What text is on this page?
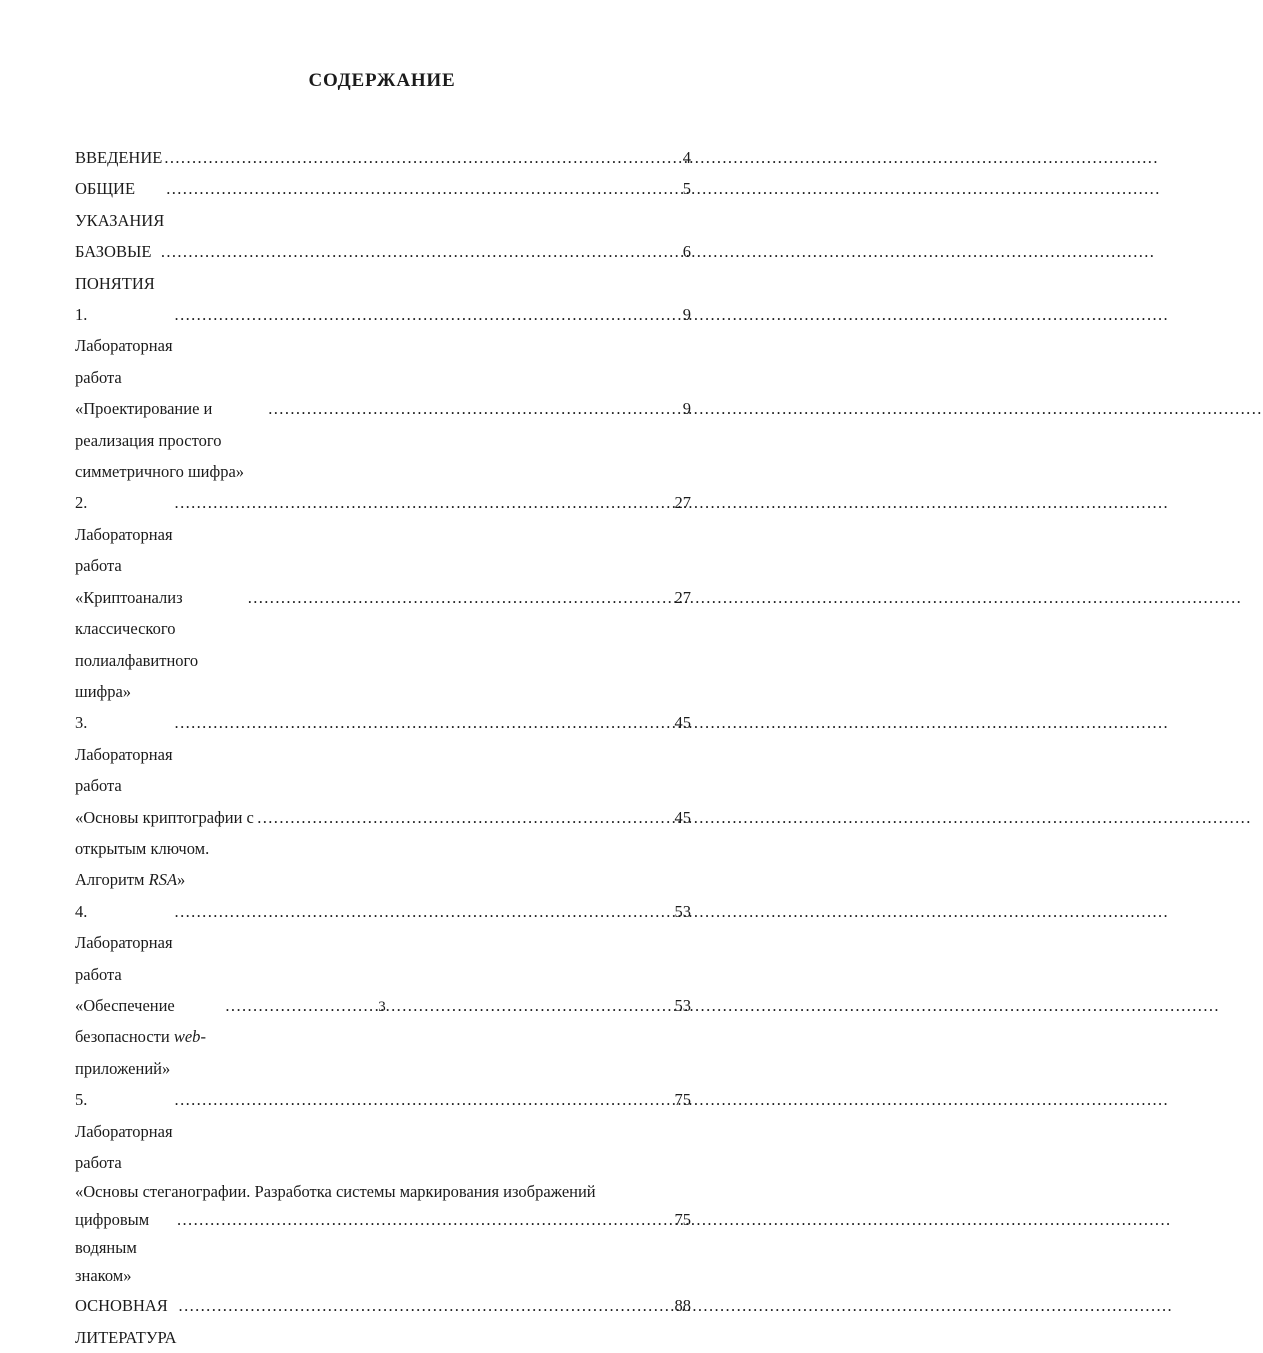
СОДЕРЖАНИЕ
ВВЕДЕНИЕ .....	4
ОБЩИЕ УКАЗАНИЯ
.....
5
БАЗОВЫЕ ПОНЯТИЯ
.....
6
1. Лабораторная работа
.....
9
«Проектирование и реализация простого симметричного шифра»
.....
9
2.    Лабораторная работа
.....
27
«Криптоанализ классического полиалфавитного шифра»
.....
27
3.    Лабораторная работа
.....
45
«Основы криптографии с открытым ключом. Алгоритм RSA»
.....
45
4.    Лабораторная работа
.....
53
«Обеспечение безопасности web-приложений»
.....
53
5.    Лабораторная работа
.....
75
«Основы стеганографии. Разработка системы маркирования изображений
цифровым водяным знаком»
.....
75
ОСНОВНАЯ ЛИТЕРАТУРА
.....
88
3
